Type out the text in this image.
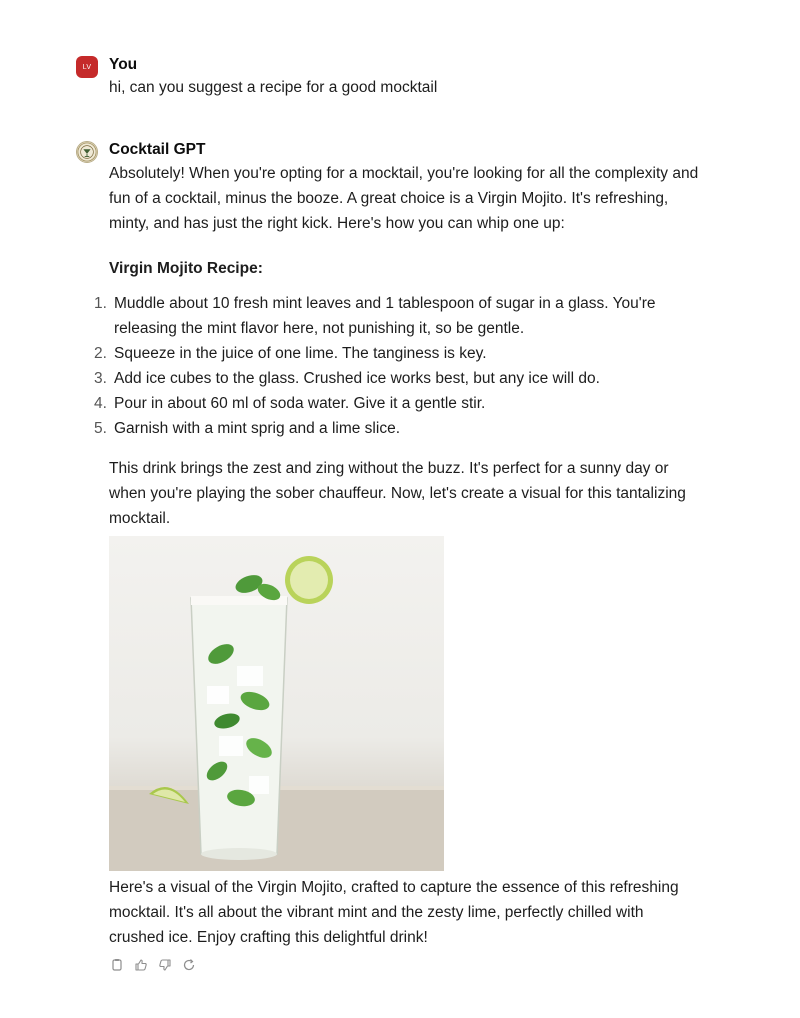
LV You

hi, can you suggest a recipe for a good mocktail

Cocktail GPT

Absolutely! When you're opting for a mocktail, you're looking for all the complexity and fun of a cocktail, minus the booze. A great choice is a Virgin Mojito. It's refreshing, minty, and has just the right kick. Here's how you can whip one up:

Virgin Mojito Recipe:

1. Muddle about 10 fresh mint leaves and 1 tablespoon of sugar in a glass. You're releasing the mint flavor here, not punishing it, so be gentle.
2. Squeeze in the juice of one lime. The tanginess is key.
3. Add ice cubes to the glass. Crushed ice works best, but any ice will do.
4. Pour in about 60 ml of soda water. Give it a gentle stir.
5. Garnish with a mint sprig and a lime slice.

This drink brings the zest and zing without the buzz. It's perfect for a sunny day or when you're playing the sober chauffeur. Now, let's create a visual for this tantalizing mocktail.

Here's a visual of the Virgin Mojito, crafted to capture the essence of this refreshing mocktail. It's all about the vibrant mint and the zesty lime, perfectly chilled with crushed ice. Enjoy crafting this delightful drink!
